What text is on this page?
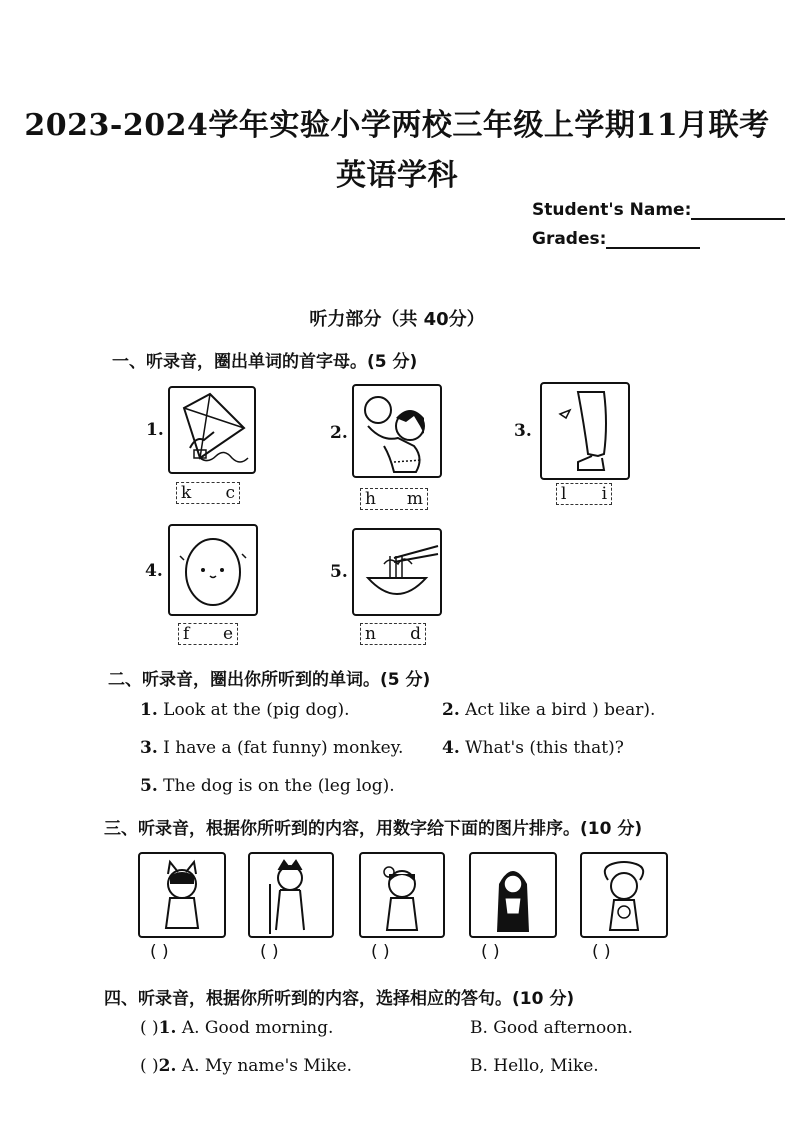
2023-2024学年实验小学两校三年级上学期11月联考
英语学科
Student's Name:
Grades:
听力部分（共 40分）
一、听录音，圈出单词的首字母。(5 分)
1.
k c
2.
h m
3.
l i
4.
f e
5.
n d
二、听录音，圈出你所听到的单词。(5 分)
1. Look at the (pig dog).	2. Act like a bird ) bear).
3. I have a (fat funny) monkey. 4. What's (this that)?
5. The dog is on the (leg log).
三、听录音，根据你所听到的内容，用数字给下面的图片排序。(10 分)
( )	( )	( )	( )	( )
四、听录音，根据你所听到的内容，选择相应的答句。(10 分)
( )1. A. Good morning.	B. Good afternoon.
( )2. A. My name's Mike.	B. Hello, Mike.
